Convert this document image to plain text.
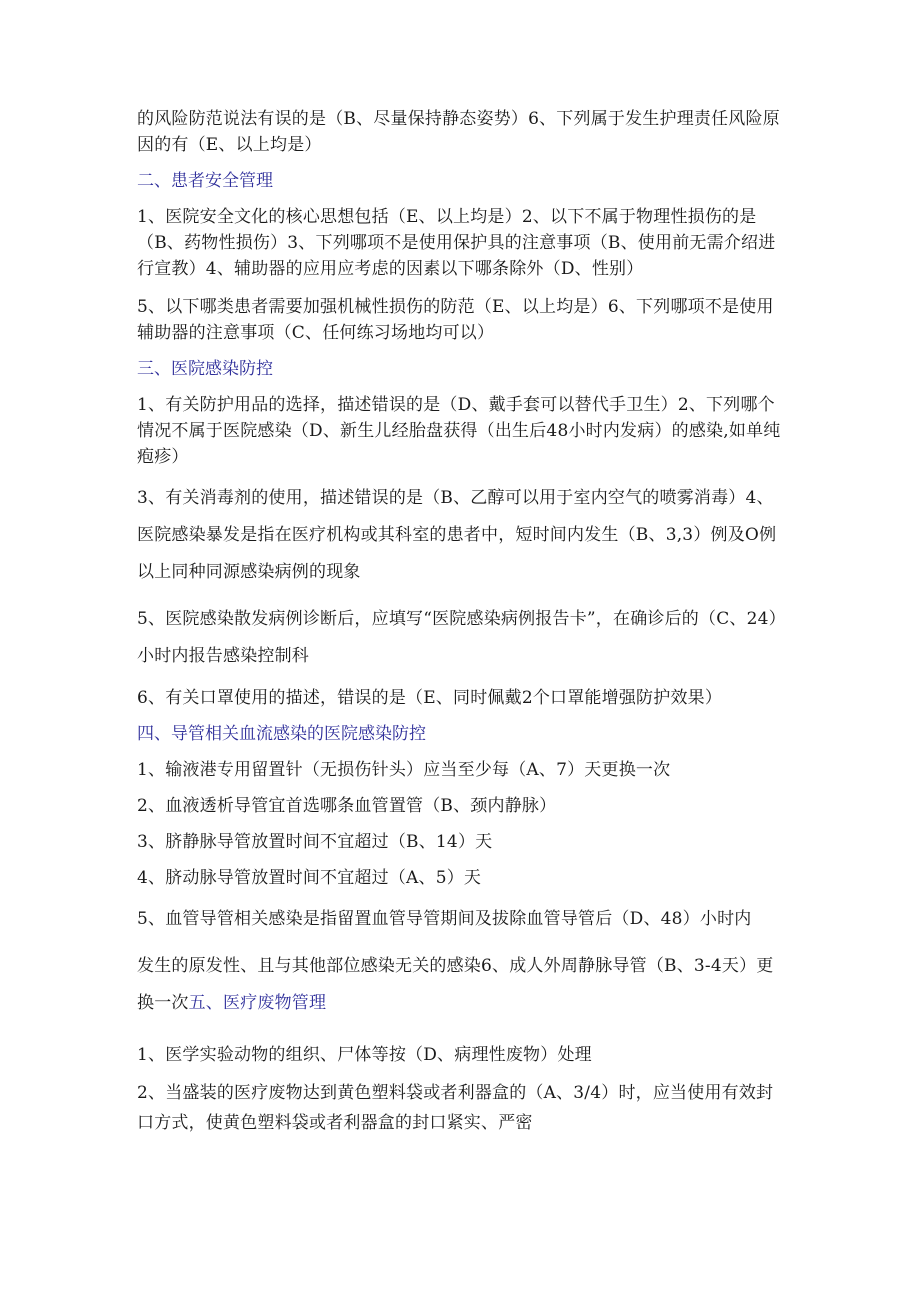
的风险防范说法有误的是（B、尽量保持静态姿势）6、下列属于发生护理责任风险原因的有（E、以上均是）

二、患者安全管理

1、医院安全文化的核心思想包括（E、以上均是）2、以下不属于物理性损伤的是（B、药物性损伤）3、下列哪项不是使用保护具的注意事项（B、使用前无需介绍进行宣教）4、辅助器的应用应考虑的因素以下哪条除外（D、性别）

5、以下哪类患者需要加强机械性损伤的防范（E、以上均是）6、下列哪项不是使用辅助器的注意事项（C、任何练习场地均可以）

三、医院感染防控

1、有关防护用品的选择，描述错误的是（D、戴手套可以替代手卫生）2、下列哪个情况不属于医院感染（D、新生儿经胎盘获得（出生后48小时内发病）的感染,如单纯疱疹）

3、有关消毒剂的使用，描述错误的是（B、乙醇可以用于室内空气的喷雾消毒）4、医院感染暴发是指在医疗机构或其科室的患者中，短时间内发生（B、3,3）例及O例以上同种同源感染病例的现象

5、医院感染散发病例诊断后，应填写“医院感染病例报告卡”，在确诊后的（C、24）小时内报告感染控制科

6、有关口罩使用的描述，错误的是（E、同时佩戴2个口罩能增强防护效果）

四、导管相关血流感染的医院感染防控

1、输液港专用留置针（无损伤针头）应当至少每（A、7）天更换一次

2、血液透析导管宜首选哪条血管置管（B、颈内静脉）

3、脐静脉导管放置时间不宜超过（B、14）天

4、脐动脉导管放置时间不宜超过（A、5）天

5、血管导管相关感染是指留置血管导管期间及拔除血管导管后（D、48）小时内

发生的原发性、且与其他部位感染无关的感染6、成人外周静脉导管（B、3-4天）更换一次五、医疗废物管理

1、医学实验动物的组织、尸体等按（D、病理性废物）处理

2、当盛装的医疗废物达到黄色塑料袋或者利器盒的（A、3/4）时，应当使用有效封口方式，使黄色塑料袋或者利器盒的封口紧实、严密
